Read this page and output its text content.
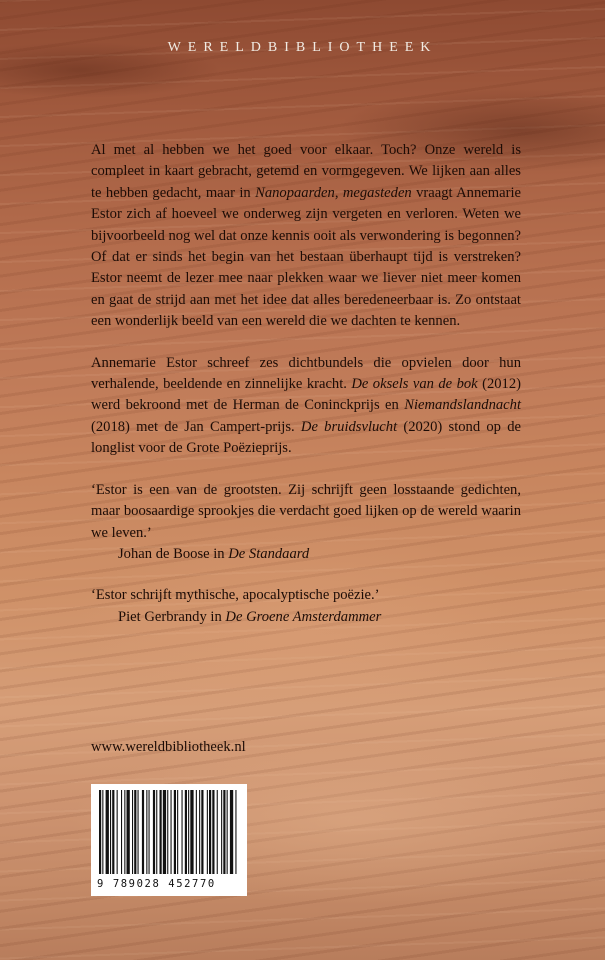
WERELDBIBLIOTHEEK

Al met al hebben we het goed voor elkaar. Toch? Onze wereld is compleet in kaart gebracht, getemd en vormgegeven. We lijken aan alles te hebben gedacht, maar in Nanopaarden, megasteden vraagt Annemarie Estor zich af hoeveel we onderweg zijn vergeten en verloren. Weten we bijvoorbeeld nog wel dat onze kennis ooit als verwondering is begonnen? Of dat er sinds het begin van het bestaan überhaupt tijd is verstreken? Estor neemt de lezer mee naar plekken waar we liever niet meer komen en gaat de strijd aan met het idee dat alles beredeneerbaar is. Zo ontstaat een wonderlijk beeld van een wereld die we dachten te kennen.

Annemarie Estor schreef zes dichtbundels die opvielen door hun verhalende, beeldende en zinnelijke kracht. De oksels van de bok (2012) werd bekroond met de Herman de Coninckprijs en Niemandslandnacht (2018) met de Jan Campert-prijs. De bruidsvlucht (2020) stond op de longlist voor de Grote Poëzieprijs.

‘Estor is een van de grootsten. Zij schrijft geen losstaande gedichten, maar boosaardige sprookjes die verdacht goed lijken op de wereld waarin we leven.’

Johan de Boose in De Standaard

‘Estor schrijft mythische, apocalyptische poëzie.’

Piet Gerbrandy in De Groene Amsterdammer

www.wereldbibliotheek.nl
9 789028 452770
